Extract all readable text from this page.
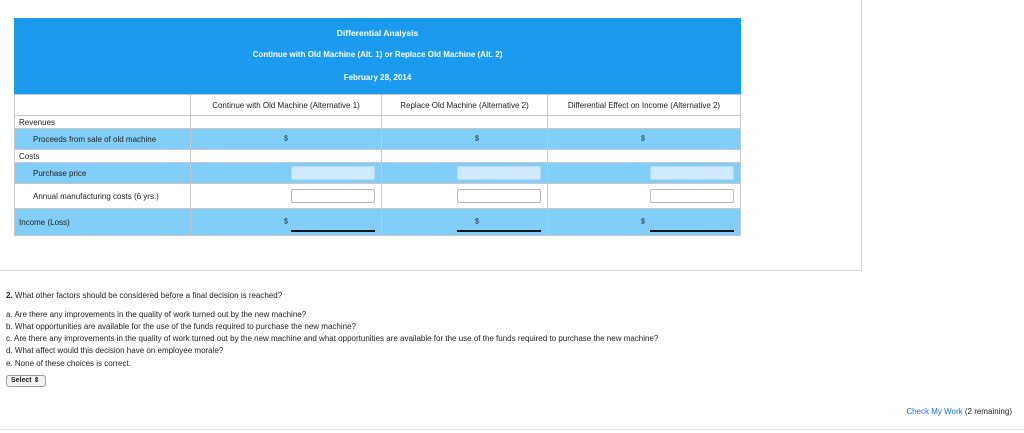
Differential Analysis
Continue with Old Machine (Alt. 1) or Replace Old Machine (Alt. 2)
February 28, 2014
	Continue with Old Machine (Alternative 1)	Replace Old Machine (Alternative 2)	Differential Effect on Income (Alternative 2)
Revenues			
Proceeds from sale of old machine	$	$	$

Costs			
Purchase price	

Annual manufacturing costs (6 yrs.)	

Income (Loss)	$	$	$
2. What other factors should be considered before a final decision is reached?
a. Are there any improvements in the quality of work turned out by the new machine?
b. What opportunities are available for the use of the funds required to purchase the new machine?
c. Are there any improvements in the quality of work turned out by the new machine and what opportunities are available for the use of the funds required to purchase the new machine?
d. What affect would this decision have on employee morale?
e. None of these choices is correct.
Select ⇕
Check My Work (2 remaining)
